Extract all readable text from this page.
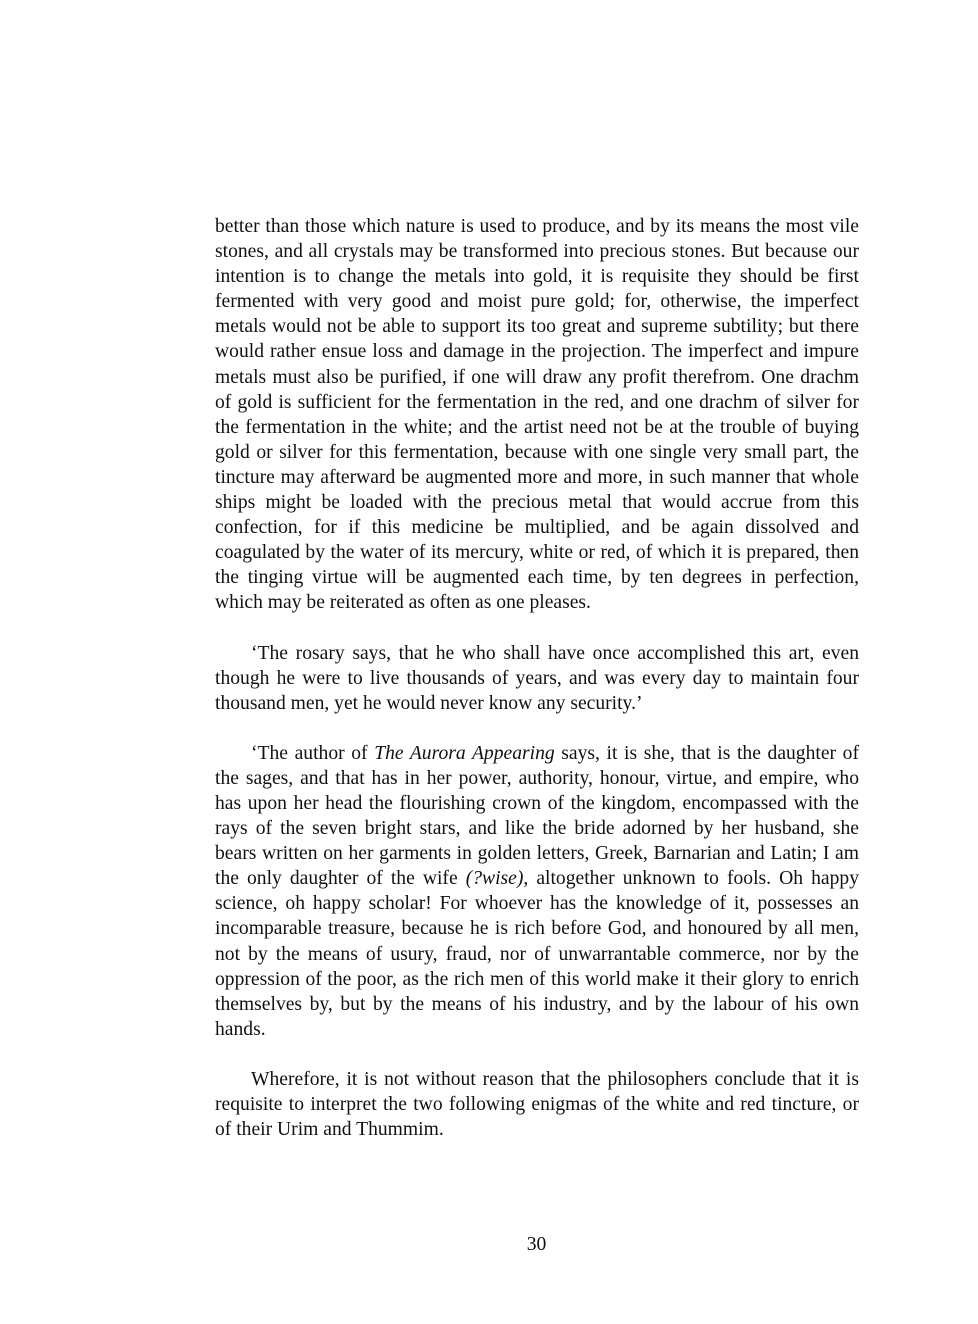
better than those which nature is used to produce, and by its means the most vile stones, and all crystals may be transformed into precious stones. But because our intention is to change the metals into gold, it is requisite they should be first fermented with very good and moist pure gold; for, otherwise, the imperfect metals would not be able to support its too great and supreme subtility; but there would rather ensue loss and damage in the projection. The imperfect and impure metals must also be purified, if one will draw any profit therefrom. One drachm of gold is sufficient for the fermentation in the red, and one drachm of silver for the fermentation in the white; and the artist need not be at the trouble of buying gold or silver for this fermentation, because with one single very small part, the tincture may afterward be augmented more and more, in such manner that whole ships might be loaded with the precious metal that would accrue from this confection, for if this medicine be multiplied, and be again dissolved and coagulated by the water of its mercury, white or red, of which it is prepared, then the tinging virtue will be augmented each time, by ten degrees in perfection, which may be reiterated as often as one pleases.

‘The rosary says, that he who shall have once accomplished this art, even though he were to live thousands of years, and was every day to maintain four thousand men, yet he would never know any security.’

‘The author of The Aurora Appearing says, it is she, that is the daughter of the sages, and that has in her power, authority, honour, virtue, and empire, who has upon her head the flourishing crown of the kingdom, encompassed with the rays of the seven bright stars, and like the bride adorned by her husband, she bears written on her garments in golden letters, Greek, Barnarian and Latin; I am the only daughter of the wife (?wise), altogether unknown to fools. Oh happy science, oh happy scholar! For whoever has the knowledge of it, possesses an incomparable treasure, because he is rich before God, and honoured by all men, not by the means of usury, fraud, nor of unwarrantable commerce, nor by the oppression of the poor, as the rich men of this world make it their glory to enrich themselves by, but by the means of his industry, and by the labour of his own hands.

Wherefore, it is not without reason that the philosophers conclude that it is requisite to interpret the two following enigmas of the white and red tincture, or of their Urim and Thummim.

30
